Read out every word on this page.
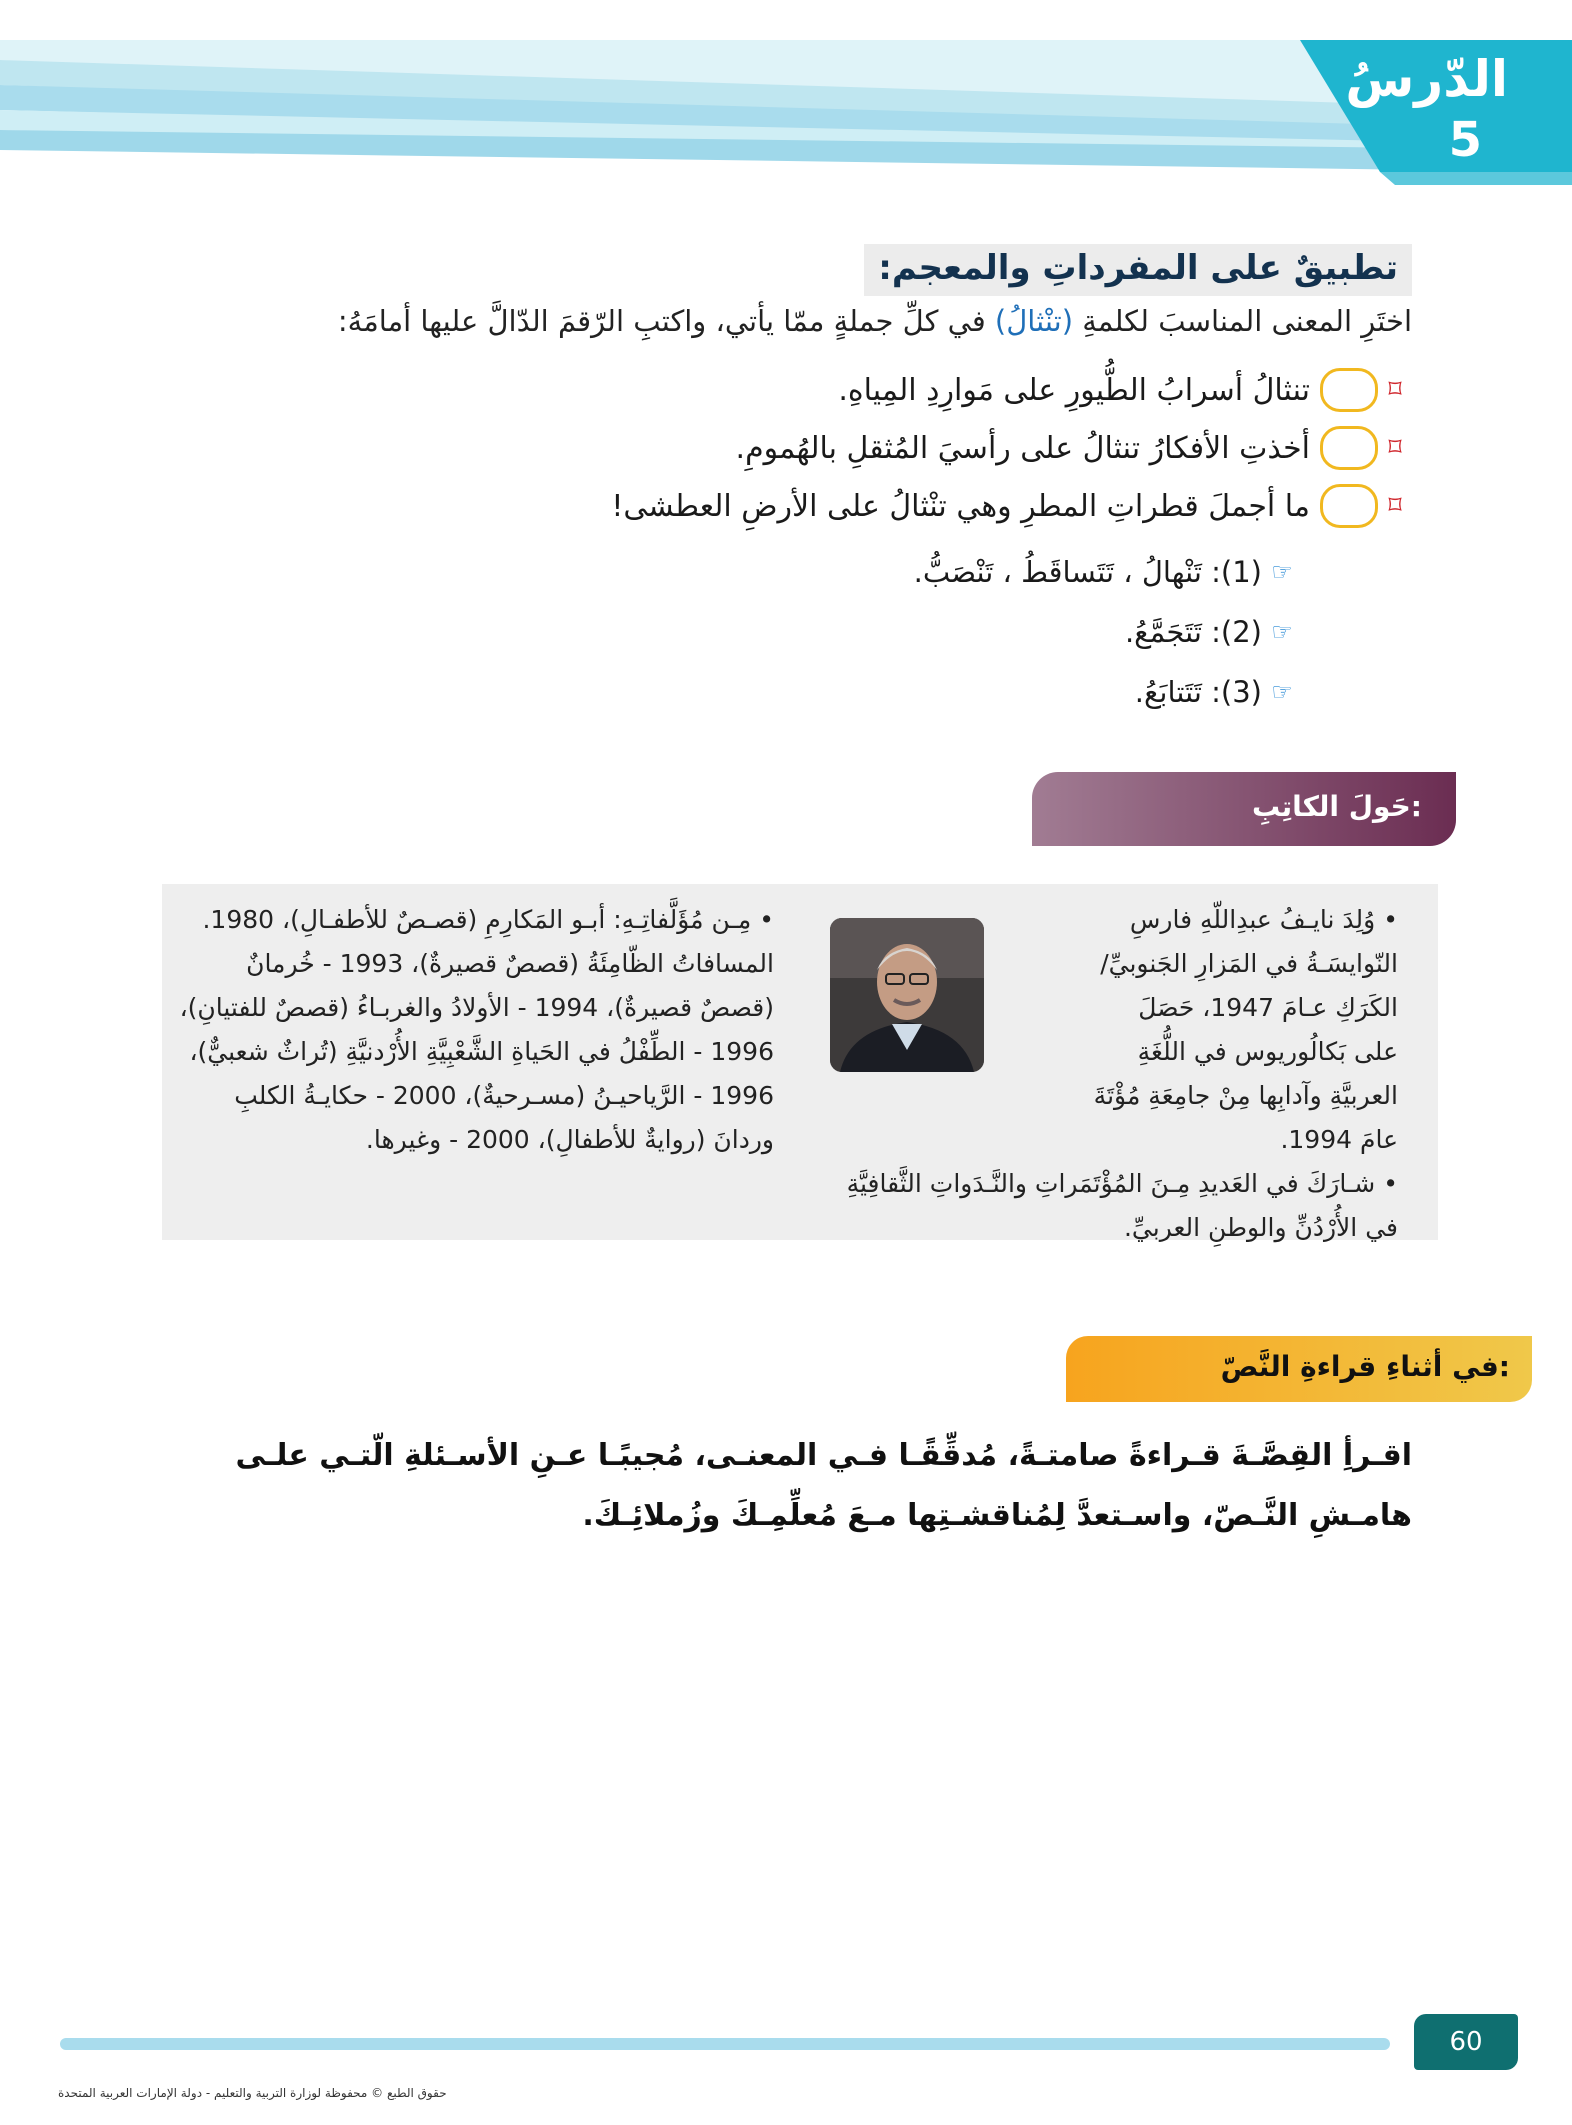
الدّرسُ
5
تطبيقٌ على المفرداتِ والمعجم:
اختَرِ المعنى المناسبَ لكلمةِ (تنْثالُ) في كلِّ جملةٍ ممّا يأتي، واكتبِ الرّقمَ الدّالَّ عليها أمامَهُ:
⌑
تنثالُ أسرابُ الطُّيورِ على مَوارِدِ المِياهِ.
⌑
أخذتِ الأفكارُ تنثالُ على رأسيَ المُثقلِ بالهُمومِ.
⌑
ما أجملَ قطراتِ المطرِ وهي تنْثالُ على الأرضِ العطشى!
☞
(1): تَنْهالُ ، تَتَساقَطُ ، تَنْصَبُّ.
☞
(2): تَتَجَمَّعُ.
☞
(3): تَتَتابَعُ.
حَولَ الكاتِبِ:

•وُلِدَ نايـفُ عبدِاللّهِ فارسِ النّوايسَـةُ في المَزارِ الجَنوبيِّ/ الكَرَكِ عـامَ 1947، حَصَلَ على بَكالُوريوس في اللُّغَةِ العربيَّةِ وآدابِها مِنْ جامِعَةِ مُؤْتَةَ عامَ 1994.

•شـارَكَ في العَديدِ مِـنَ المُؤْتَمَراتِ والنَّـدَواتِ الثَّقافِيَّةِ في الأُرْدُنِّ والوطنِ العربيِّ.

•مِـن مُؤَلَّفاتِـهِ: أبـو المَكارِمِ (قصـصٌ للأطفـالِ)، 1980. المسافاتُ الظّامِئَةُ (قصصٌ قصيرةٌ)، 1993 - خُرمانٌ (قصصٌ قصيرةٌ)، 1994 - الأولادُ والغربـاءُ (قصصٌ للفتيانِ)، 1996 - الطِّفْلُ في الحَياةِ الشَّعْبِيَّةِ الأُرْدنيَّةِ (تُراثٌ شعبيٌّ)، 1996 - الرَّياحيـنُ (مسـرحيةٌ)، 2000 - حكايـةُ الكلبِ وردانَ (روايةٌ للأطفالِ)، 2000 - وغيرها.

في أثناءِ قراءةِ النَّصّ:
اقـرأِ القِصَّـةَ قـراءةً صامتـةً، مُدقِّقًـا فـي المعنـى، مُجيبًـا عـنِ الأسـئلةِ الّتـي علـى هامـشِ النَّـصّ، واسـتعدَّ لِمُناقشـتِها مـعَ مُعلِّمِـكَ وزُملائِـكَ.
60
حقوق الطبع © محفوظة لوزارة التربية والتعليم - دولة الإمارات العربية المتحدة
